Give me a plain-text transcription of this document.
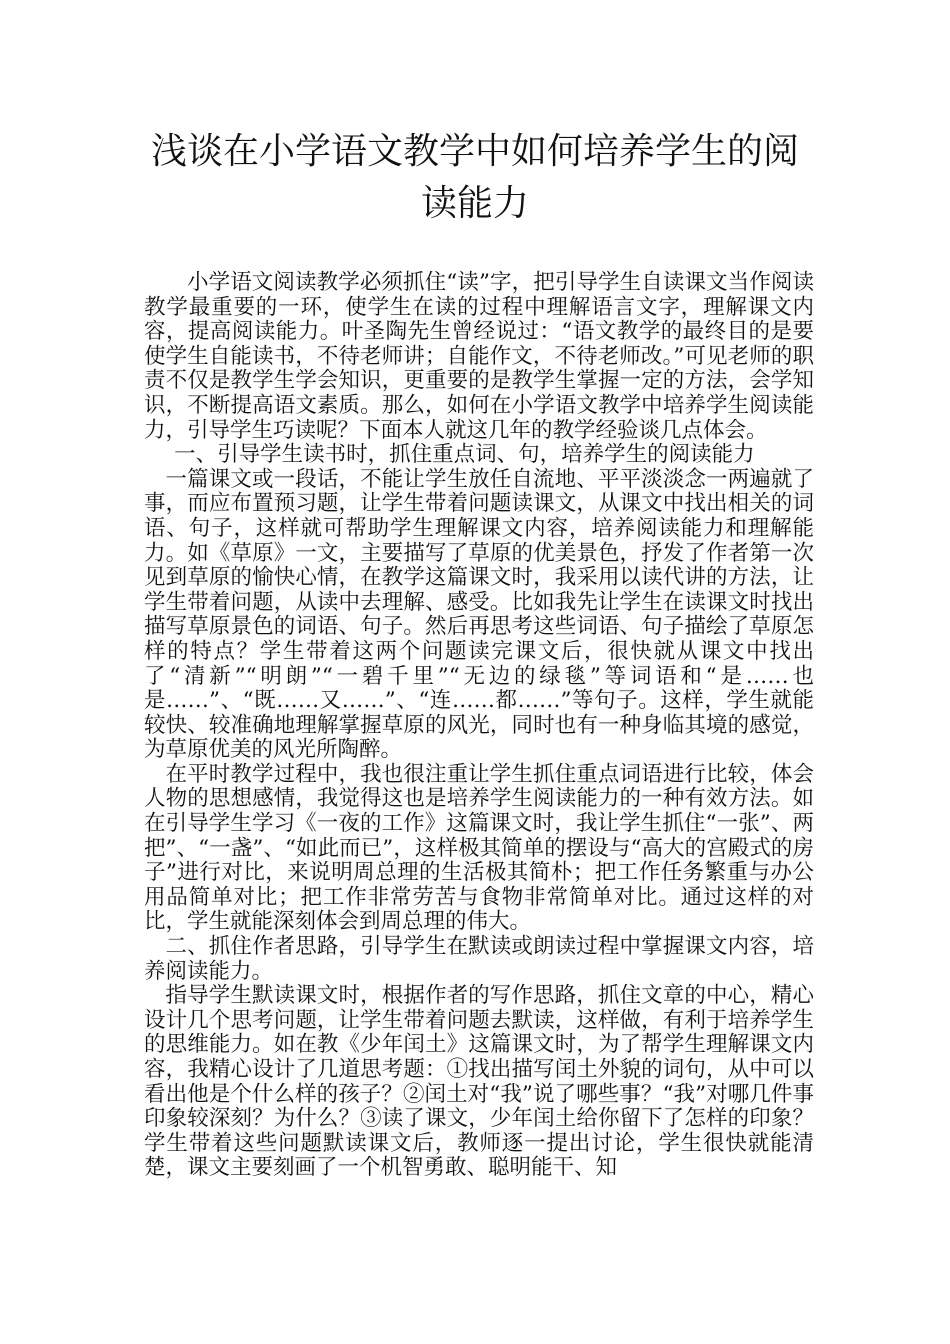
浅谈在小学语文教学中如何培养学生的阅读能力

小学语文阅读教学必须抓住“读”字，把引导学生自读课文当作阅读教学最重要的一环，使学生在读的过程中理解语言文字，理解课文内容，提高阅读能力。叶圣陶先生曾经说过：“语文教学的最终目的是要使学生自能读书，不待老师讲；自能作文，不待老师改。”可见老师的职责不仅是教学生学会知识，更重要的是教学生掌握一定的方法，会学知识，不断提高语文素质。那么，如何在小学语文教学中培养学生阅读能力，引导学生巧读呢？下面本人就这几年的教学经验谈几点体会。

一、引导学生读书时，抓住重点词、句，培养学生的阅读能力

一篇课文或一段话，不能让学生放任自流地、平平淡淡念一两遍就了事，而应布置预习题，让学生带着问题读课文，从课文中找出相关的词语、句子，这样就可帮助学生理解课文内容，培养阅读能力和理解能力。如《草原》一文，主要描写了草原的优美景色，抒发了作者第一次见到草原的愉快心情，在教学这篇课文时，我采用以读代讲的方法，让学生带着问题，从读中去理解、感受。比如我先让学生在读课文时找出描写草原景色的词语、句子。然后再思考这些词语、句子描绘了草原怎样的特点？学生带着这两个问题读完课文后，很快就从课文中找出了“清新”“明朗”“一碧千里”“无边的绿毯”等词语和“是……也是……”、“既……又……”、“连……都……”等句子。这样，学生就能较快、较准确地理解掌握草原的风光，同时也有一种身临其境的感觉，为草原优美的风光所陶醉。

在平时教学过程中，我也很注重让学生抓住重点词语进行比较，体会人物的思想感情，我觉得这也是培养学生阅读能力的一种有效方法。如在引导学生学习《一夜的工作》这篇课文时，我让学生抓住“一张”、两把”、“一盏”、“如此而已”，这样极其简单的摆设与“高大的宫殿式的房子”进行对比，来说明周总理的生活极其简朴；把工作任务繁重与办公用品简单对比；把工作非常劳苦与食物非常简单对比。通过这样的对比，学生就能深刻体会到周总理的伟大。

二、抓住作者思路，引导学生在默读或朗读过程中掌握课文内容，培养阅读能力。

指导学生默读课文时，根据作者的写作思路，抓住文章的中心，精心设计几个思考问题，让学生带着问题去默读，这样做，有利于培养学生的思维能力。如在教《少年闰土》这篇课文时，为了帮学生理解课文内容，我精心设计了几道思考题：①找出描写闰土外貌的词句，从中可以看出他是个什么样的孩子？②闰土对“我”说了哪些事？“我”对哪几件事印象较深刻？为什么？③读了课文，少年闰土给你留下了怎样的印象？学生带着这些问题默读课文后，教师逐一提出讨论，学生很快就能清楚，课文主要刻画了一个机智勇敢、聪明能干、知
